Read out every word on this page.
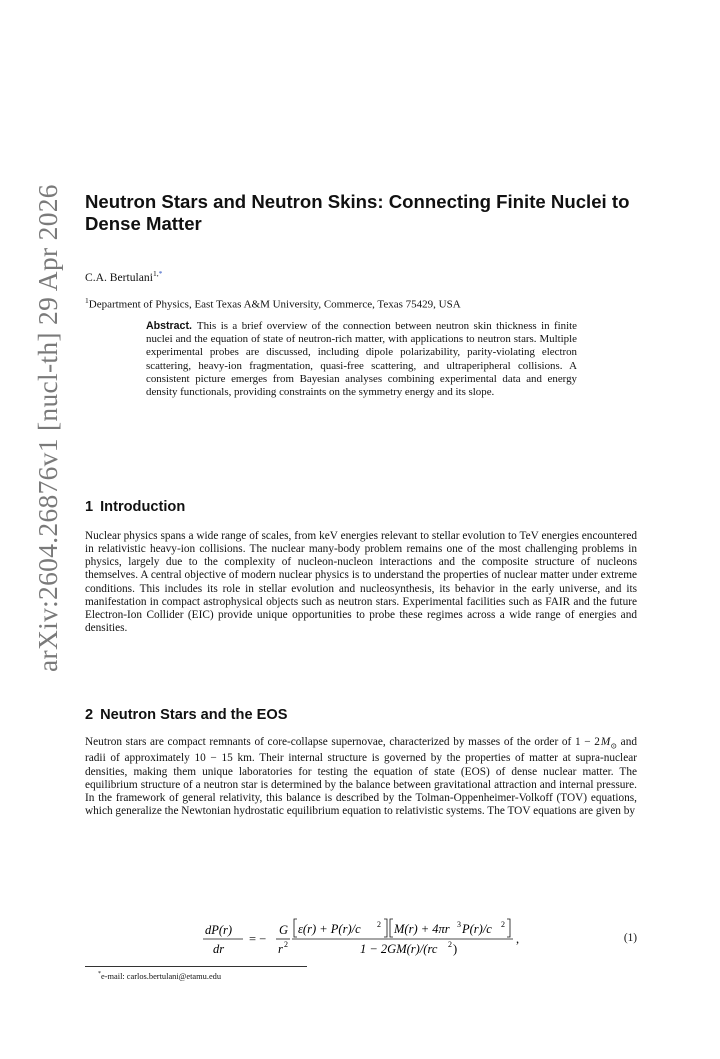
arXiv:2604.26876v1 [nucl-th] 29 Apr 2026 Neutron Stars and Neutron Skins: Connecting Finite Nuclei to Dense Matter
C.A. Bertulani$^{1,*}$
$^1$Department of Physics, East Texas A&M University, Commerce, Texas 75429, USA
Abstract. This is a brief overview of the connection between neutron skin thickness in finite nuclei and the equation of state of neutron-rich matter, with applications to neutron stars. Multiple experimental probes are discussed, including dipole polarizability, parity-violating electron scattering, heavy-ion fragmentation, quasi-free scattering, and ultraperipheral collisions. A consistent picture emerges from Bayesian analyses combining experimental data and energy density functionals, providing constraints on the symmetry energy and its slope.
1 Introduction

Nuclear physics spans a wide range of scales, from keV energies relevant to stellar evolution to TeV energies encountered in relativistic heavy-ion collisions. The nuclear many-body problem remains one of the most challenging problems in physics, largely due to the complexity of nucleon-nucleon interactions and the composite structure of nucleons themselves. A central objective of modern nuclear physics is to understand the properties of nuclear matter under extreme conditions. This includes its role in stellar evolution and nucleosynthesis, its behavior in the early universe, and its manifestation in compact astrophysical objects such as neutron stars. Experimental facilities such as FAIR and the future Electron-Ion Collider (EIC) provide unique opportunities to probe these regimes across a wide range of energies and densities.

2 Neutron Stars and the EOS

Neutron stars are compact remnants of core-collapse supernovae, characterized by masses of the order of 1 − 2 $M_⊙$ and radii of approximately 10 − 15 km. Their internal structure is governed by the properties of matter at supra-nuclear densities, making them unique laboratories for testing the equation of state (EOS) of dense nuclear matter. The equilibrium structure of a neutron star is determined by the balance between gravitational attraction and internal pressure. In the framework of general relativity, this balance is described by the Tolman-Oppenheimer-Volkoff (TOV) equations, which generalize the Newtonian hydrostatic equilibrium equation to relativistic systems. The TOV equations are given by

dP(r)
dr
= −
G
r 2
ε(r) + P(r)/c 2 M(r) + 4πr 3 P(r)/c 2
1 − 2GM(r)/(rc 2 )
,	(1)
*e-mail: carlos.bertulani@etamu.edu
